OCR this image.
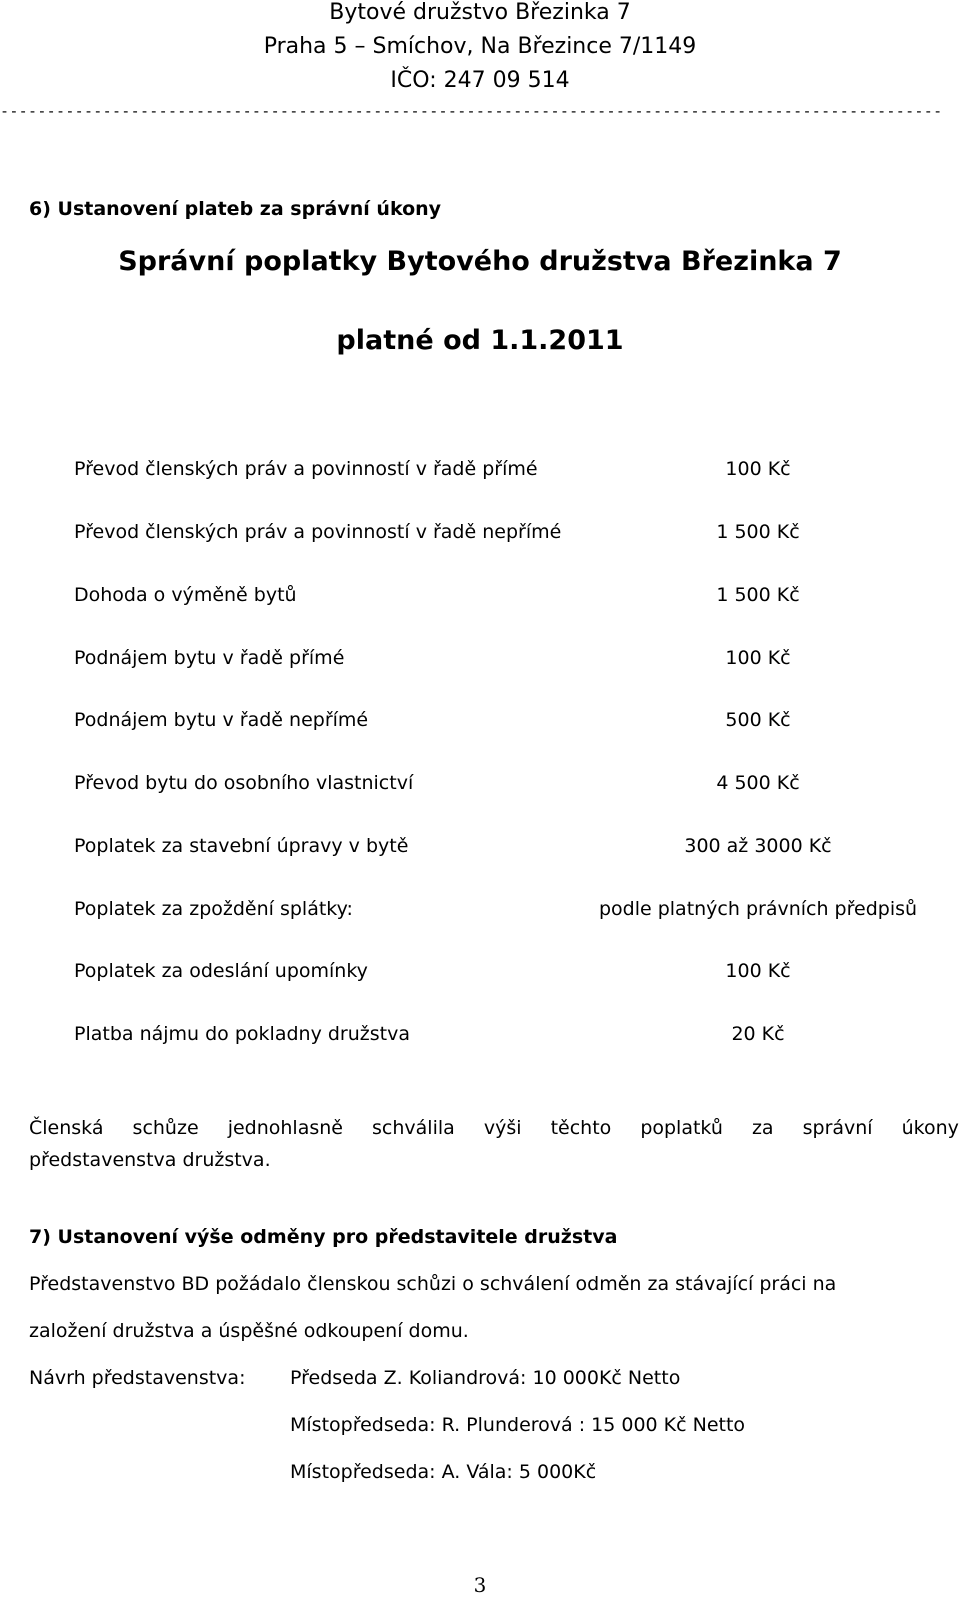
Bytové družstvo Březinka 7
Praha 5 – Smíchov, Na Březince 7/1149
IČO: 247 09 514
-----------------------------------------------------------------------------------------------------
6) Ustanovení plateb za správní úkony
Správní poplatky Bytového družstva Březinka 7
platné od 1.1.2011
Převod členských práv a povinností v řadě přímé	100 Kč
Převod členských práv a povinností v řadě nepřímé	1 500 Kč
Dohoda o výměně bytů	1 500 Kč
Podnájem bytu v řadě přímé	100 Kč
Podnájem bytu v řadě nepřímé	500 Kč
Převod bytu do osobního vlastnictví	4 500 Kč
Poplatek za stavební úpravy v bytě	300 až 3000 Kč
Poplatek za zpoždění splátky:	podle platných právních předpisů
Poplatek za odeslání upomínky	100 Kč
Platba nájmu do pokladny družstva	20 Kč
Členská schůze jednohlasně schválila výši těchto poplatků za správní úkony
představenstva družstva.
7) Ustanovení výše odměny pro představitele družstva
Představenstvo BD požádalo členskou schůzi o schválení odměn za stávající práci na
založení družstva a úspěšné odkoupení domu.
Návrh představenstva: Předseda Z. Koliandrová: 10 000Kč Netto
Místopředseda: R. Plunderová : 15 000 Kč Netto
Místopředseda: A. Vála: 5 000Kč
3
